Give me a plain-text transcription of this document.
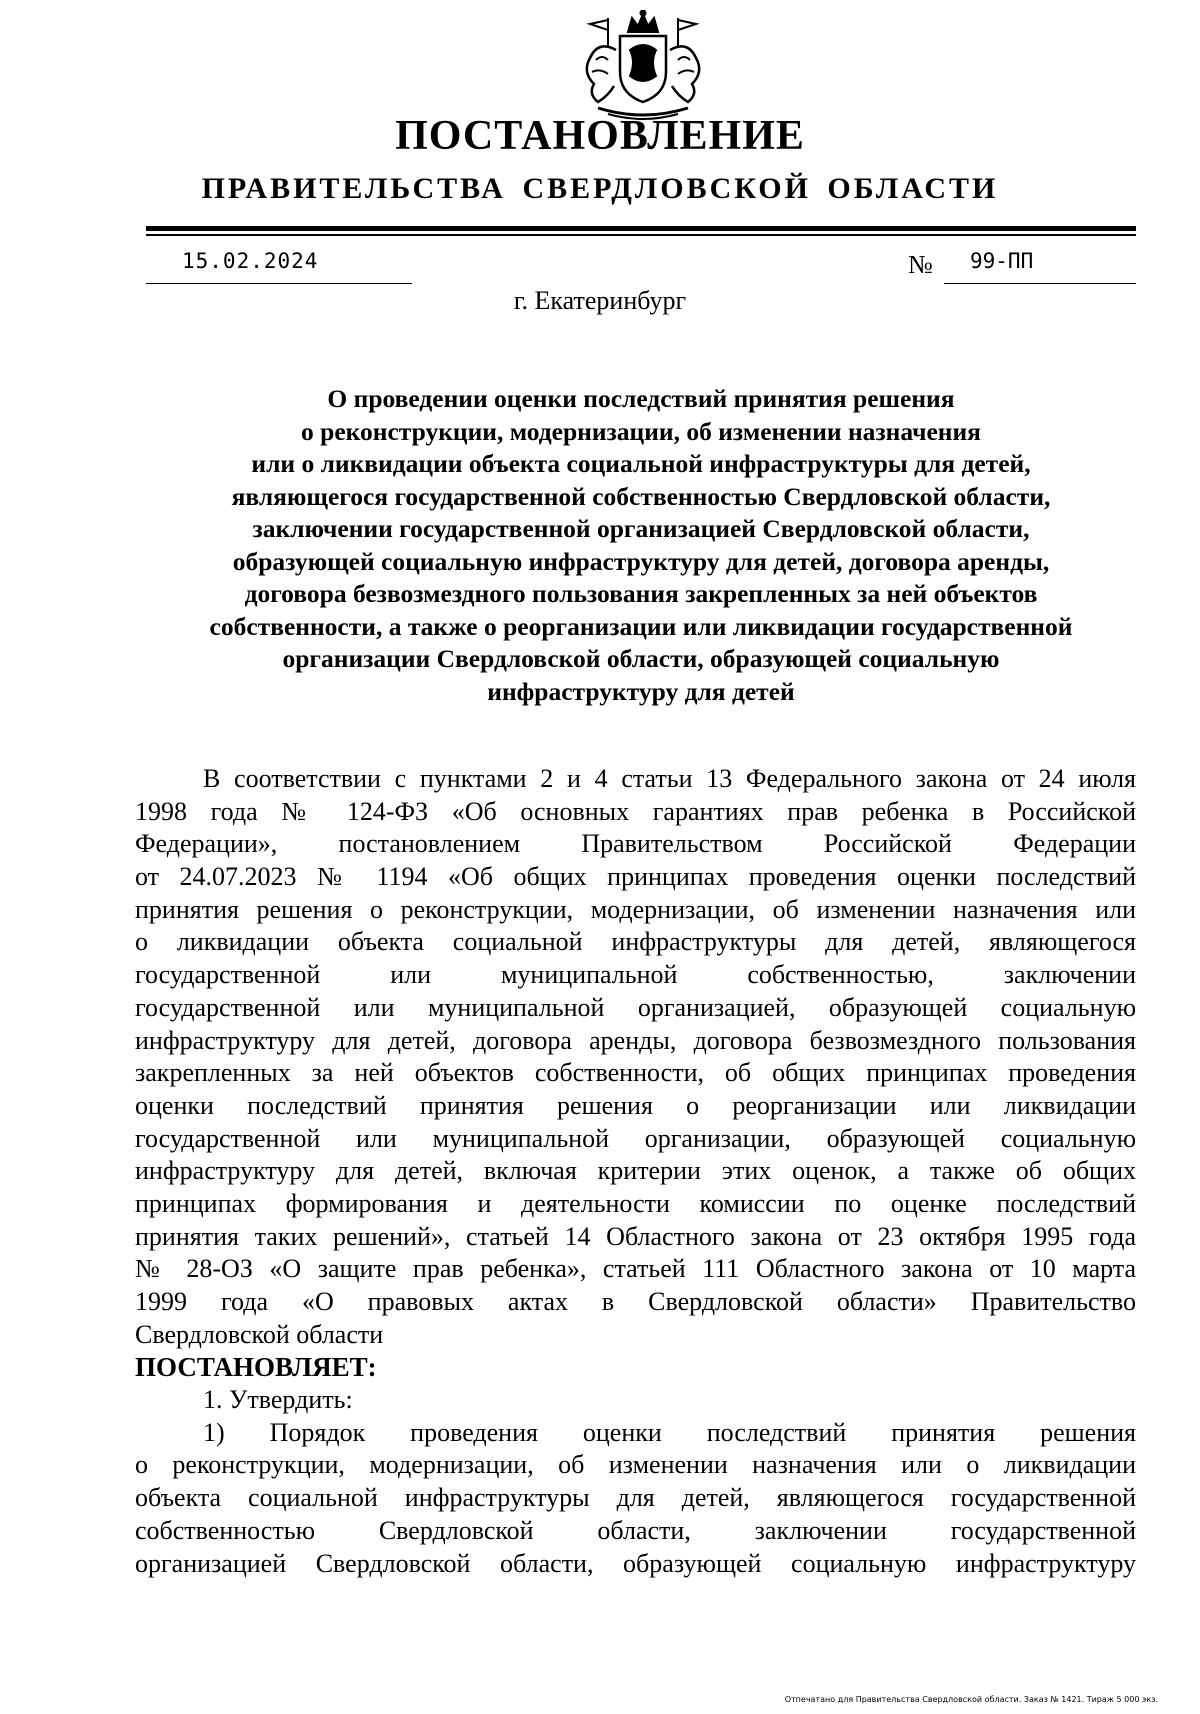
ПОСТАНОВЛЕНИЕ
ПРАВИТЕЛЬСТВА СВЕРДЛОВСКОЙ ОБЛАСТИ
15.02.2024	№ 99-ПП
г. Екатеринбург
О проведении оценки последствий принятия решения
о реконструкции, модернизации, об изменении назначения
или о ликвидации объекта социальной инфраструктуры для детей,
являющегося государственной собственностью Свердловской области,
заключении государственной организацией Свердловской области,
образующей социальную инфраструктуру для детей, договора аренды,
договора безвозмездного пользования закрепленных за ней объектов
собственности, а также о реорганизации или ликвидации государственной
организации Свердловской области, образующей социальную
инфраструктуру для детей
В соответствии с пунктами 2 и 4 статьи 13 Федерального закона от 24 июля
1998 года № 124-ФЗ «Об основных гарантиях прав ребенка в Российской
Федерации», постановлением Правительством Российской Федерации
от 24.07.2023 № 1194 «Об общих принципах проведения оценки последствий
принятия решения о реконструкции, модернизации, об изменении назначения или
о ликвидации объекта социальной инфраструктуры для детей, являющегося
государственной или муниципальной собственностью, заключении
государственной или муниципальной организацией, образующей социальную
инфраструктуру для детей, договора аренды, договора безвозмездного пользования
закрепленных за ней объектов собственности, об общих принципах проведения
оценки последствий принятия решения о реорганизации или ликвидации
государственной или муниципальной организации, образующей социальную
инфраструктуру для детей, включая критерии этих оценок, а также об общих
принципах формирования и деятельности комиссии по оценке последствий
принятия таких решений», статьей 14 Областного закона от 23 октября 1995 года
№ 28-ОЗ «О защите прав ребенка», статьей 111 Областного закона от 10 марта
1999 года «О правовых актах в Свердловской области» Правительство
Свердловской области
ПОСТАНОВЛЯЕТ:
1. Утвердить:
1) Порядок проведения оценки последствий принятия решения
о реконструкции, модернизации, об изменении назначения или о ликвидации
объекта социальной инфраструктуры для детей, являющегося государственной
собственностью Свердловской области, заключении государственной
организацией Свердловской области, образующей социальную инфраструктуру
Отпечатано для Правительства Свердловской области. Заказ № 1421. Тираж 5 000 экз.
